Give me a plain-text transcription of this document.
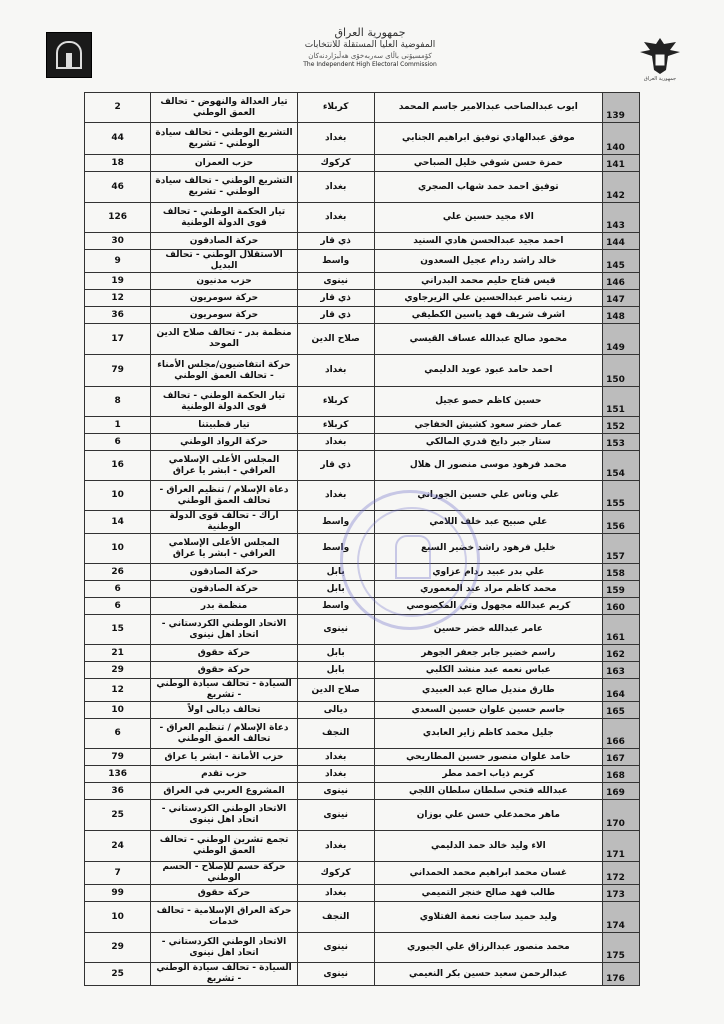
جمهورية العراق
المفوضية العليا المستقلة للانتخابات
کۆمسیۆنی باڵای سەربەخۆی هەڵبژاردنەکان
The Independent High Electoral Commission
جمهورية العراق
2	تيار العدالة والنهوض - تحالف العمق الوطني	كربلاء	ايوب عبدالصاحب عبدالامير جاسم المحمد	139
44	التشريع الوطني - تحالف سيادة الوطني - تشريع	بغداد	موفق عبدالهادي توفيق ابراهيم الجنابي	140
18	حزب العمران	كركوك	حمزة حسن شوقي خليل الصباحي	141
46	التشريع الوطني - تحالف سيادة الوطني - تشريع	بغداد	توفيق احمد حمد شهاب الصجري	142
126	تيار الحكمة الوطني - تحالف قوى الدولة الوطنية	بغداد	الاء مجيد حسين علي	143
30	حركة الصادقون	ذي قار	احمد مجيد عبدالحسن هادي السنيد	144
9	الاستقلال الوطني - تحالف البديل	واسط	خالد راشد ردام عجيل السعدون	145
19	حزب مدنيون	نينوى	قيس فتاح حليم محمد البدراني	146
12	حركة سومريون	ذي قار	زينب ناصر عبدالحسين علي الزيرجاوي	147
36	حركة سومريون	ذي قار	اشرف شريف فهد ياسين الكطيفي	148
17	منظمة بدر - تحالف صلاح الدين الموحد	صلاح الدين	محمود صالح عبدالله عساف القيسي	149
79	حركة انتفاضيون/مجلس الأمناء - تحالف العمق الوطني	بغداد	احمد حامد عبود عويد الدليمي	150
8	تيار الحكمة الوطني - تحالف قوى الدولة الوطنية	كربلاء	حسين كاظم حصو عجيل	151
1	تيار قطبيتنا	كربلاء	عمار خضر سعود كشيش الخفاجي	152
6	حركة الرواد الوطني	بغداد	ستار جبر دايخ قدري المالكي	153
16	المجلس الأعلى الإسلامي العراقي - ابشر يا عراق	ذي قار	محمد فرهود موسى منصور ال هلال	154
10	دعاة الإسلام / تنظيم العراق - تحالف العمق الوطني	بغداد	علي وناس علي حسين الجوراني	155
14	اراك - تحالف قوى الدولة الوطنية	واسط	علي صبيح عبد خلف اللامي	156
10	المجلس الأعلى الإسلامي العراقي - ابشر يا عراق	واسط	خليل فرهود راشد خضير السبع	157
26	حركة الصادقون	بابل	علي بدر عبيد ردام عزاوي	158
6	حركة الصادقون	بابل	محمد كاظم مراد عبد المعموري	159
6	منظمة بدر	واسط	كريم عبدالله مجهول وتي المكصوصي	160
15	الاتحاد الوطني الكردستاني - اتحاد اهل نينوى	نينوى	عامر عبدالله خضر حسين	161
21	حركة حقوق	بابل	راسم خضير جابر جعفر الجوهر	162
29	حركة حقوق	بابل	عباس نعمه عبد منشد الكلبي	163
12	السيادة - تحالف سيادة الوطني - تشريع	صلاح الدين	طارق منديل صالح عبد العبيدي	164
10	تحالف ديالى اولاً	ديالى	جاسم حسين علوان حسين السعدي	165
6	دعاة الإسلام / تنظيم العراق - تحالف العمق الوطني	النجف	جليل محمد كاظم زاير العابدي	166
79	حزب الأمانة - ابشر يا عراق	بغداد	حامد علوان منصور حسين المطاريحي	167
136	حزب تقدم	بغداد	كريم ذياب احمد مطر	168
36	المشروع العربي في العراق	نينوى	عبدالله فتحي سلطان سلطان اللجي	169
25	الاتحاد الوطني الكردستاني - اتحاد اهل نينوى	نينوى	ماهر محمدعلي حسن علي بوزان	170
24	تجمع تشرين الوطني - تحالف العمق الوطني	بغداد	الاء وليد خالد حمد الدليمي	171
7	حركة حسم للإصلاح - الحسم الوطني	كركوك	غسان محمد ابراهيم محمد الحمداني	172
99	حركة حقوق	بغداد	طالب فهد صالح خنجر التميمي	173
10	حركة العراق الإسلامية - تحالف خدمات	النجف	وليد حميد ساجت نعمة الفتلاوي	174
29	الاتحاد الوطني الكردستاني - اتحاد اهل نينوى	نينوى	محمد منصور عبدالرزاق علي الجبوري	175
25	السيادة - تحالف سيادة الوطني - تشريع	نينوى	عبدالرحمن سعيد حسين بكر النعيمي	176
